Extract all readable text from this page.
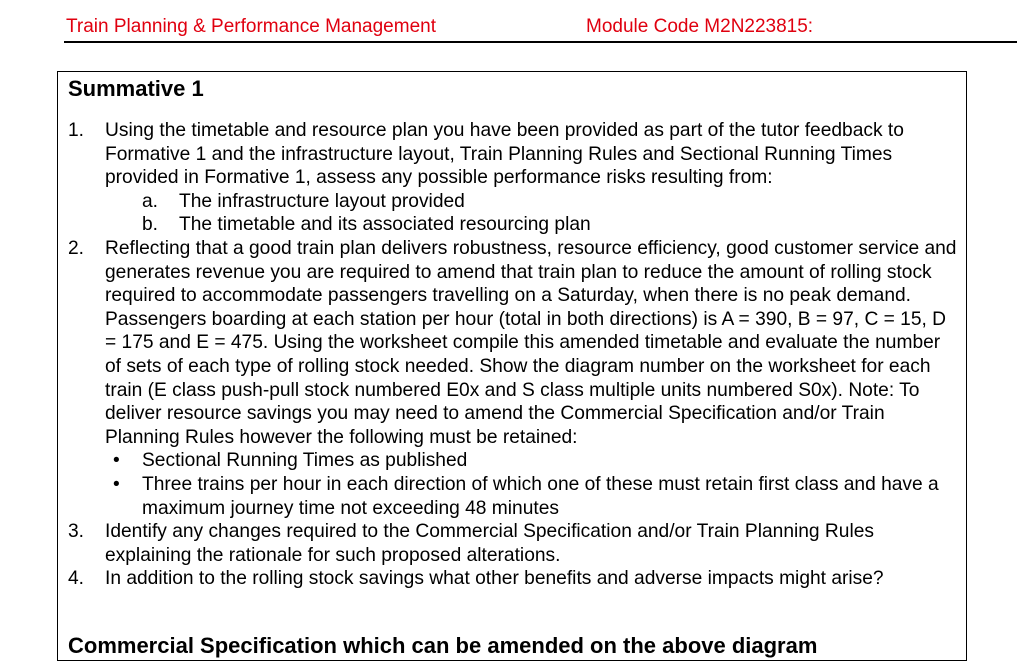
Train Planning & Performance Management	Module Code M2N223815:
Summative 1
1. Using the timetable and resource plan you have been provided as part of the tutor feedback to Formative 1 and the infrastructure layout, Train Planning Rules and Sectional Running Times provided in Formative 1, assess any possible performance risks resulting from:
a.	The infrastructure layout provided
b.	The timetable and its associated resourcing plan
2. Reflecting that a good train plan delivers robustness, resource efficiency, good customer service and generates revenue you are required to amend that train plan to reduce the amount of rolling stock required to accommodate passengers travelling on a Saturday, when there is no peak demand. Passengers boarding at each station per hour (total in both directions) is A = 390, B = 97, C = 15, D = 175 and E = 475. Using the worksheet compile this amended timetable and evaluate the number of sets of each type of rolling stock needed. Show the diagram number on the worksheet for each train (E class push-pull stock numbered E0x and S class multiple units numbered S0x). Note: To deliver resource savings you may need to amend the Commercial Specification and/or Train Planning Rules however the following must be retained:
• Sectional Running Times as published
• Three trains per hour in each direction of which one of these must retain first class and have a maximum journey time not exceeding 48 minutes
3. Identify any changes required to the Commercial Specification and/or Train Planning Rules explaining the rationale for such proposed alterations.
4. In addition to the rolling stock savings what other benefits and adverse impacts might arise?
Commercial Specification which can be amended on the above diagram
